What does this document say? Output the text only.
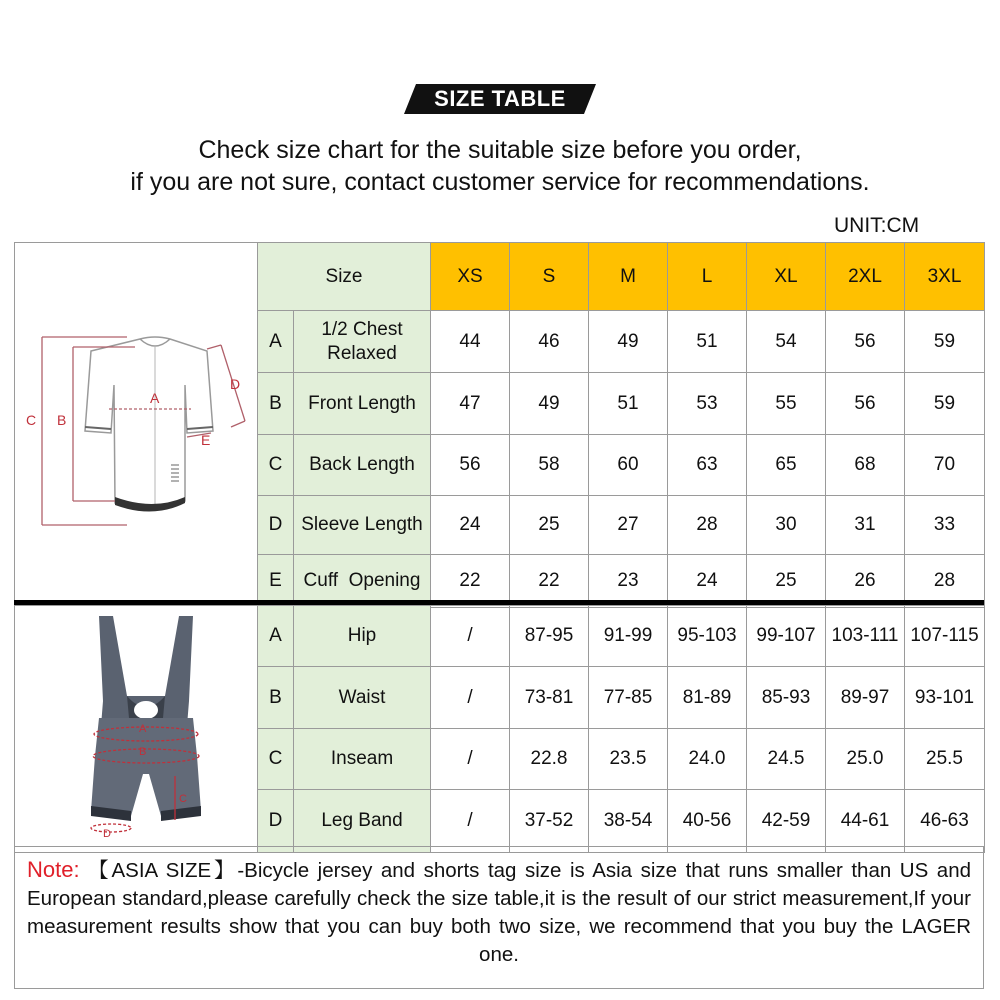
SIZE TABLE
Check size chart for the suitable size before you order,
if you are not sure, contact customer service for recommendations.
UNIT:CM
C B
A
D
E	Size		XS	S	M	L	XL	2XL	3XL
	A	1/2 Chest Relaxed	44	46	49	51	54	56	59
	B	Front Length	47	49	51	53	55	56	59
	C	Back Length	56	58	60	63	65	68	70
	D	Sleeve Length	24	25	27	28	30	31	33
	E	Cuff  Opening	22	22	23	24	25	26	28
A
B
C
D	A	Hip	/	87-95	91-99	95-103	99-107	103-111	107-115
	B	Waist	/	73-81	77-85	81-89	85-93	89-97	93-101
	C	Inseam	/	22.8	23.5	24.0	24.5	25.0	25.5
	D	Leg Band	/	37-52	38-54	40-56	42-59	44-61	46-63
Note: 【ASIA SIZE】-Bicycle jersey and shorts tag size is Asia size that runs smaller than US and European standard,please carefully check the size table,it is the result of our strict measurement,If your measurement results show that you can buy both two size, we recommend that you buy the LAGER one.
